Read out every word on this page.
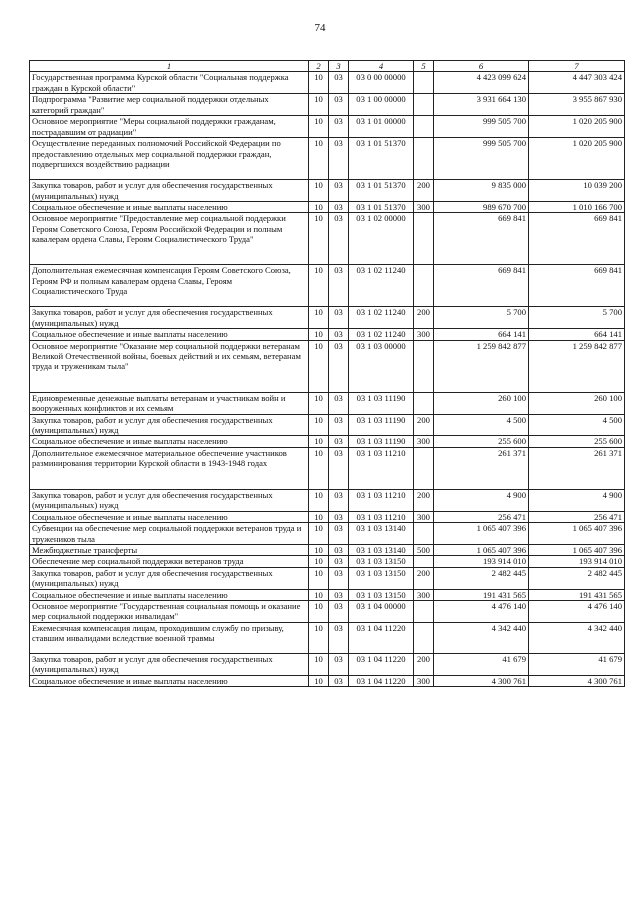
74
1	2	3	4	5	6	7
Государственная программа Курской области "Социальная поддержка граждан в Курской области"	10	03	03 0 00 00000		4 423 099 624	4 447 303 424
Подпрограмма "Развитие мер социальной поддержки отдельных категорий граждан"	10	03	03 1 00 00000		3 931 664 130	3 955 867 930
Основное мероприятие "Меры социальной поддержки гражданам, пострадавшим от радиации"	10	03	03 1 01 00000		999 505 700	1 020 205 900
Осуществление переданных полномочий Российской Федерации по предоставлению отдельных мер социальной поддержки граждан, подвергшихся воздействию радиации	10	03	03 1 01 51370		999 505 700	1 020 205 900
Закупка товаров, работ и услуг для обеспечения государственных (муниципальных) нужд	10	03	03 1 01 51370	200	9 835 000	10 039 200
Социальное обеспечение и иные выплаты населению	10	03	03 1 01 51370	300	989 670 700	1 010 166 700
Основное мероприятие "Предоставление мер социальной поддержки Героям Советского Союза, Героям Российской Федерации и полным кавалерам ордена Славы, Героям Социалистического Труда"	10	03	03 1 02 00000		669 841	669 841
Дополнительная ежемесячная компенсация Героям Советского Союза, Героям РФ и полным кавалерам ордена Славы, Героям Социалистического Труда	10	03	03 1 02 11240		669 841	669 841
Закупка товаров, работ и услуг для обеспечения государственных (муниципальных) нужд	10	03	03 1 02 11240	200	5 700	5 700
Социальное обеспечение и иные выплаты населению	10	03	03 1 02 11240	300	664 141	664 141
Основное мероприятие "Оказание мер социальной поддержки ветеранам Великой Отечественной войны, боевых действий и их семьям, ветеранам труда и труженикам тыла"	10	03	03 1 03 00000		1 259 842 877	1 259 842 877
Единовременные денежные выплаты ветеранам и участникам войн и вооруженных конфликтов и их семьям	10	03	03 1 03 11190		260 100	260 100
Закупка товаров, работ и услуг для обеспечения государственных (муниципальных) нужд	10	03	03 1 03 11190	200	4 500	4 500
Социальное обеспечение и иные выплаты населению	10	03	03 1 03 11190	300	255 600	255 600
Дополнительное ежемесячное материальное обеспечение участников разминирования территории Курской области в 1943-1948 годах	10	03	03 1 03 11210		261 371	261 371
Закупка товаров, работ и услуг для обеспечения государственных (муниципальных) нужд	10	03	03 1 03 11210	200	4 900	4 900
Социальное обеспечение и иные выплаты населению	10	03	03 1 03 11210	300	256 471	256 471
Субвенции на обеспечение мер социальной поддержки ветеранов труда и тружеников тыла	10	03	03 1 03 13140		1 065 407 396	1 065 407 396
Межбюджетные трансферты	10	03	03 1 03 13140	500	1 065 407 396	1 065 407 396
Обеспечение мер социальной поддержки ветеранов труда	10	03	03 1 03 13150		193 914 010	193 914 010
Закупка товаров, работ и услуг для обеспечения государственных (муниципальных) нужд	10	03	03 1 03 13150	200	2 482 445	2 482 445
Социальное обеспечение и иные выплаты населению	10	03	03 1 03 13150	300	191 431 565	191 431 565
Основное мероприятие "Государственная социальная помощь и оказание мер социальной поддержки инвалидам"	10	03	03 1 04 00000		4 476 140	4 476 140
Ежемесячная компенсация лицам, проходившим службу по призыву, ставшим инвалидами вследствие военной травмы	10	03	03 1 04 11220		4 342 440	4 342 440
Закупка товаров, работ и услуг для обеспечения государственных (муниципальных) нужд	10	03	03 1 04 11220	200	41 679	41 679
Социальное обеспечение и иные выплаты населению	10	03	03 1 04 11220	300	4 300 761	4 300 761
